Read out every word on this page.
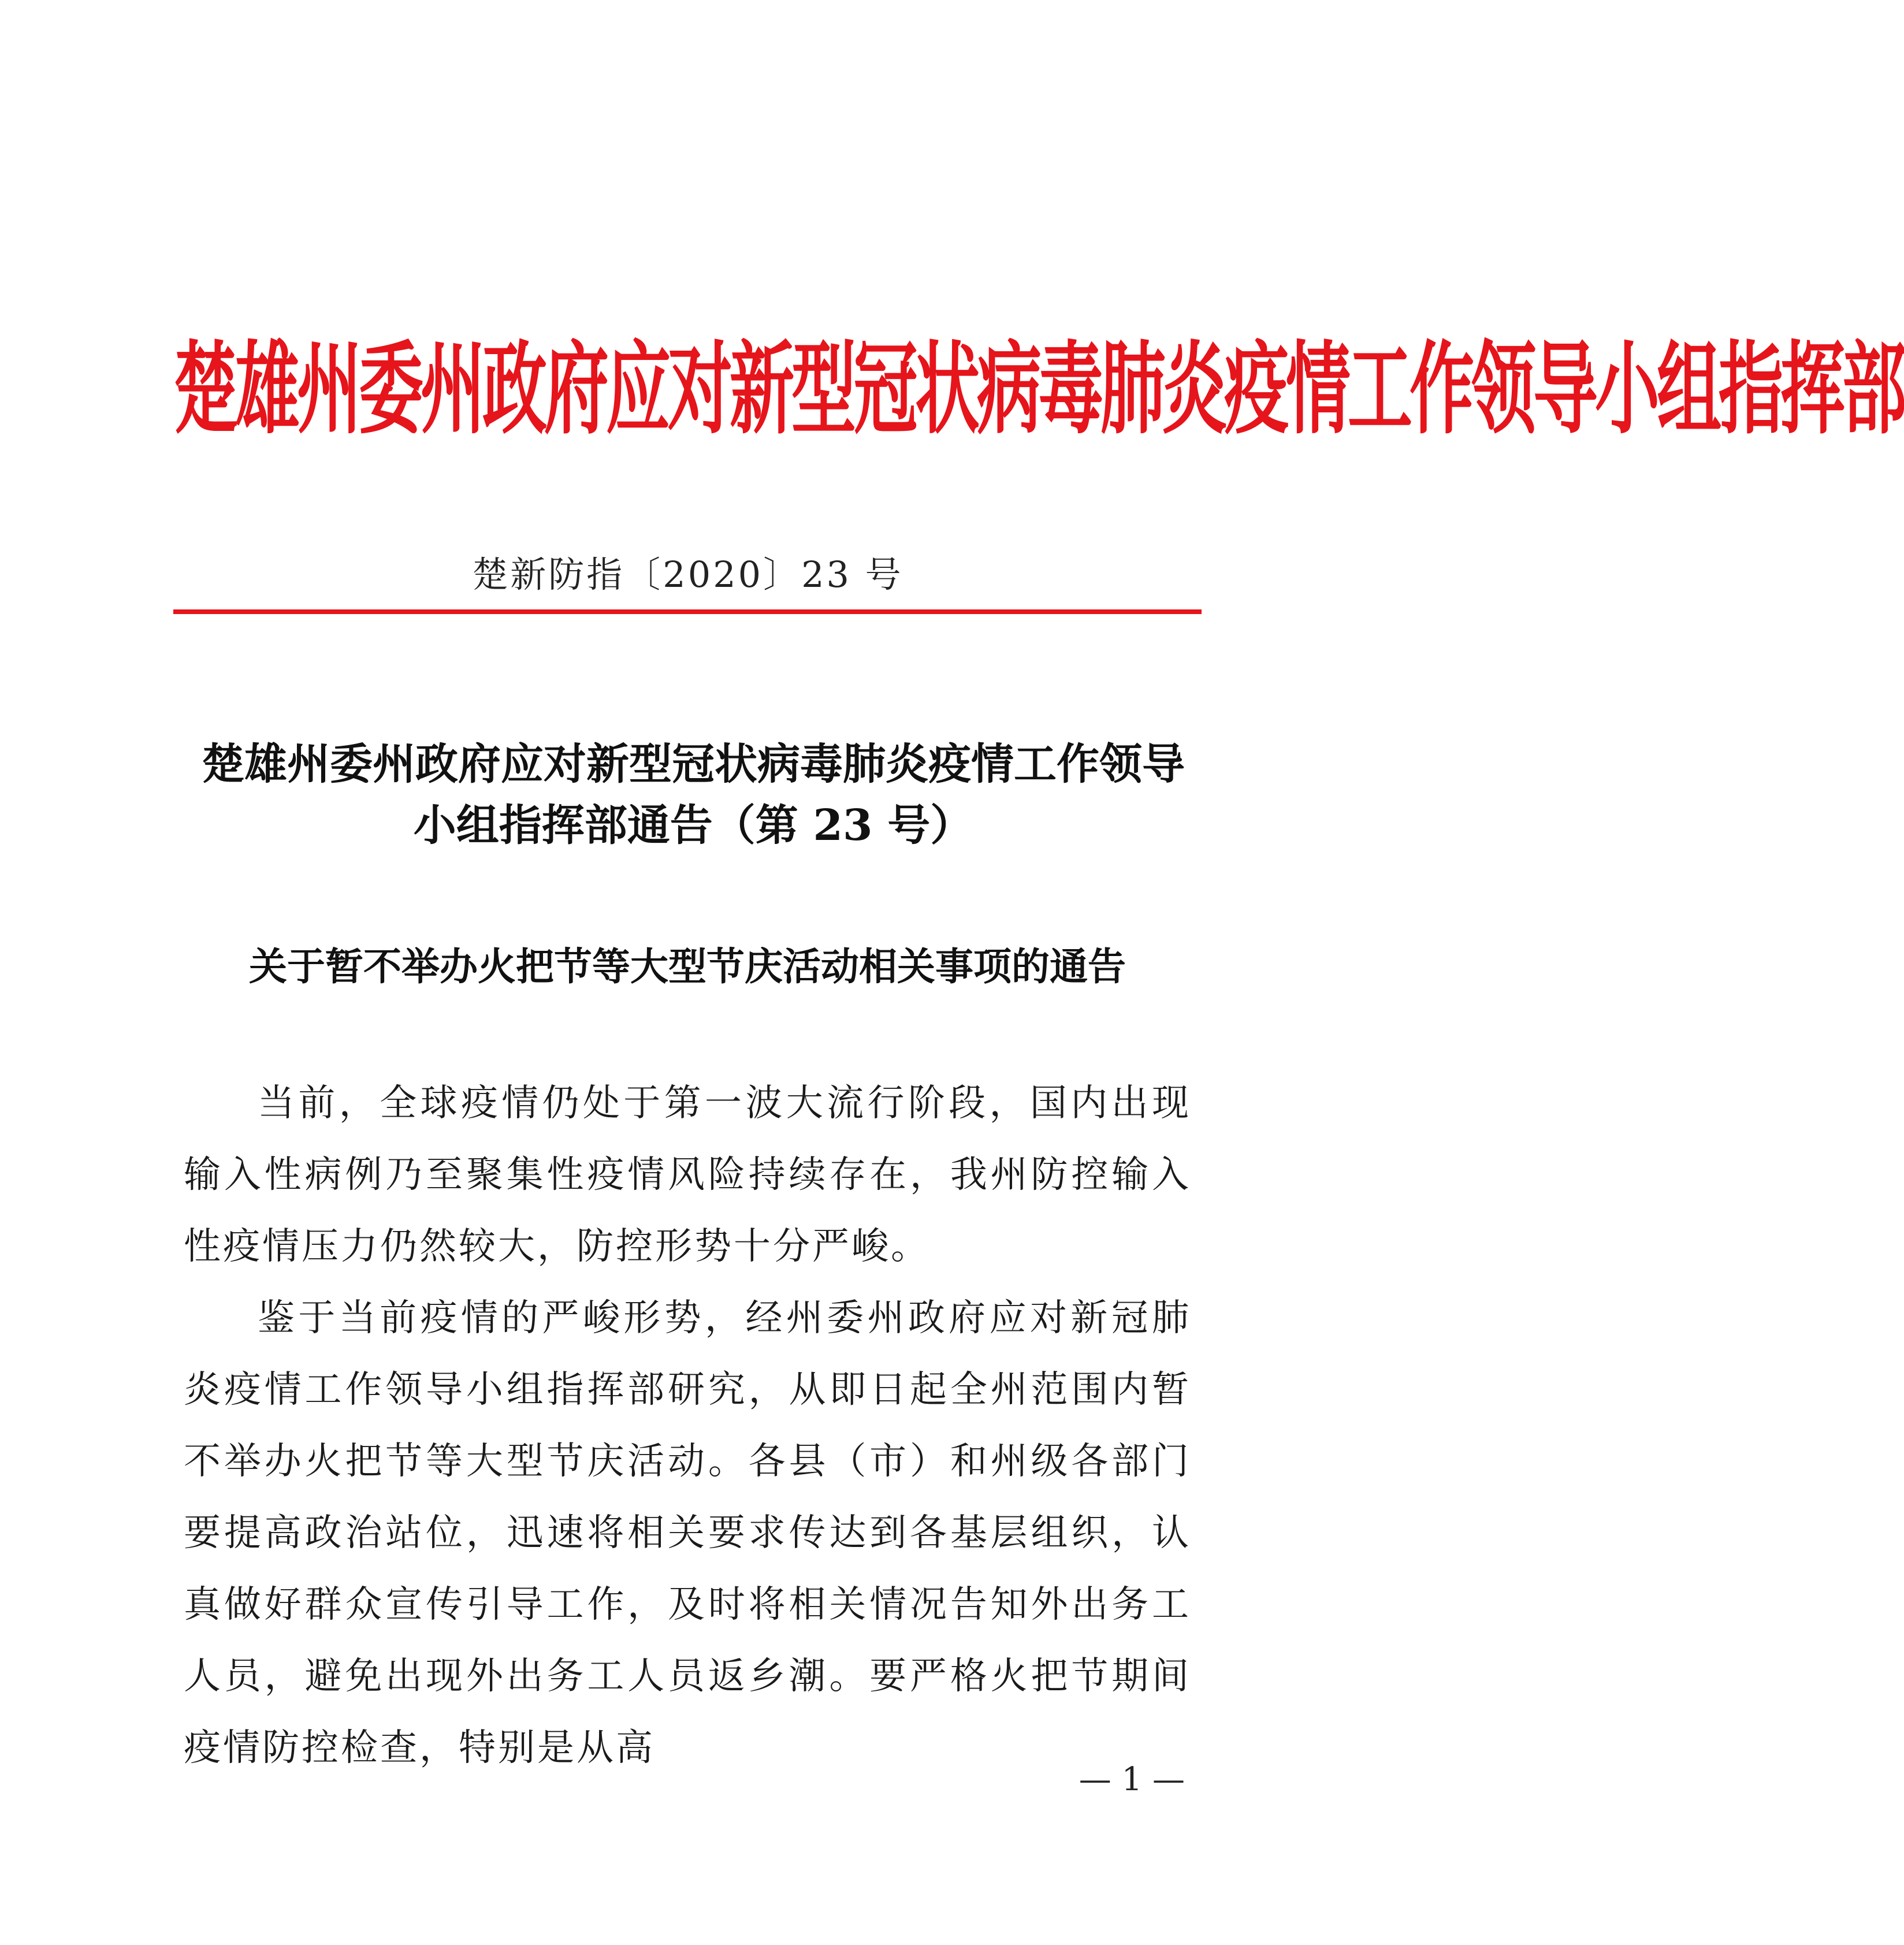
楚雄州委州政府应对新型冠状病毒肺炎疫情工作领导小组指挥部
楚新防指〔2020〕23 号
楚雄州委州政府应对新型冠状病毒肺炎疫情工作领导小组指挥部通告（第 23 号）
关于暂不举办火把节等大型节庆活动相关事项的通告

当前，全球疫情仍处于第一波大流行阶段，国内出现输入性病例乃至聚集性疫情风险持续存在，我州防控输入性疫情压力仍然较大，防控形势十分严峻。

鉴于当前疫情的严峻形势，经州委州政府应对新冠肺炎疫情工作领导小组指挥部研究，从即日起全州范围内暂不举办火把节等大型节庆活动。各县（市）和州级各部门要提高政治站位，迅速将相关要求传达到各基层组织，认真做好群众宣传引导工作，及时将相关情况告知外出务工人员，避免出现外出务工人员返乡潮。要严格火把节期间疫情防控检查，特别是从高

— 1 —
